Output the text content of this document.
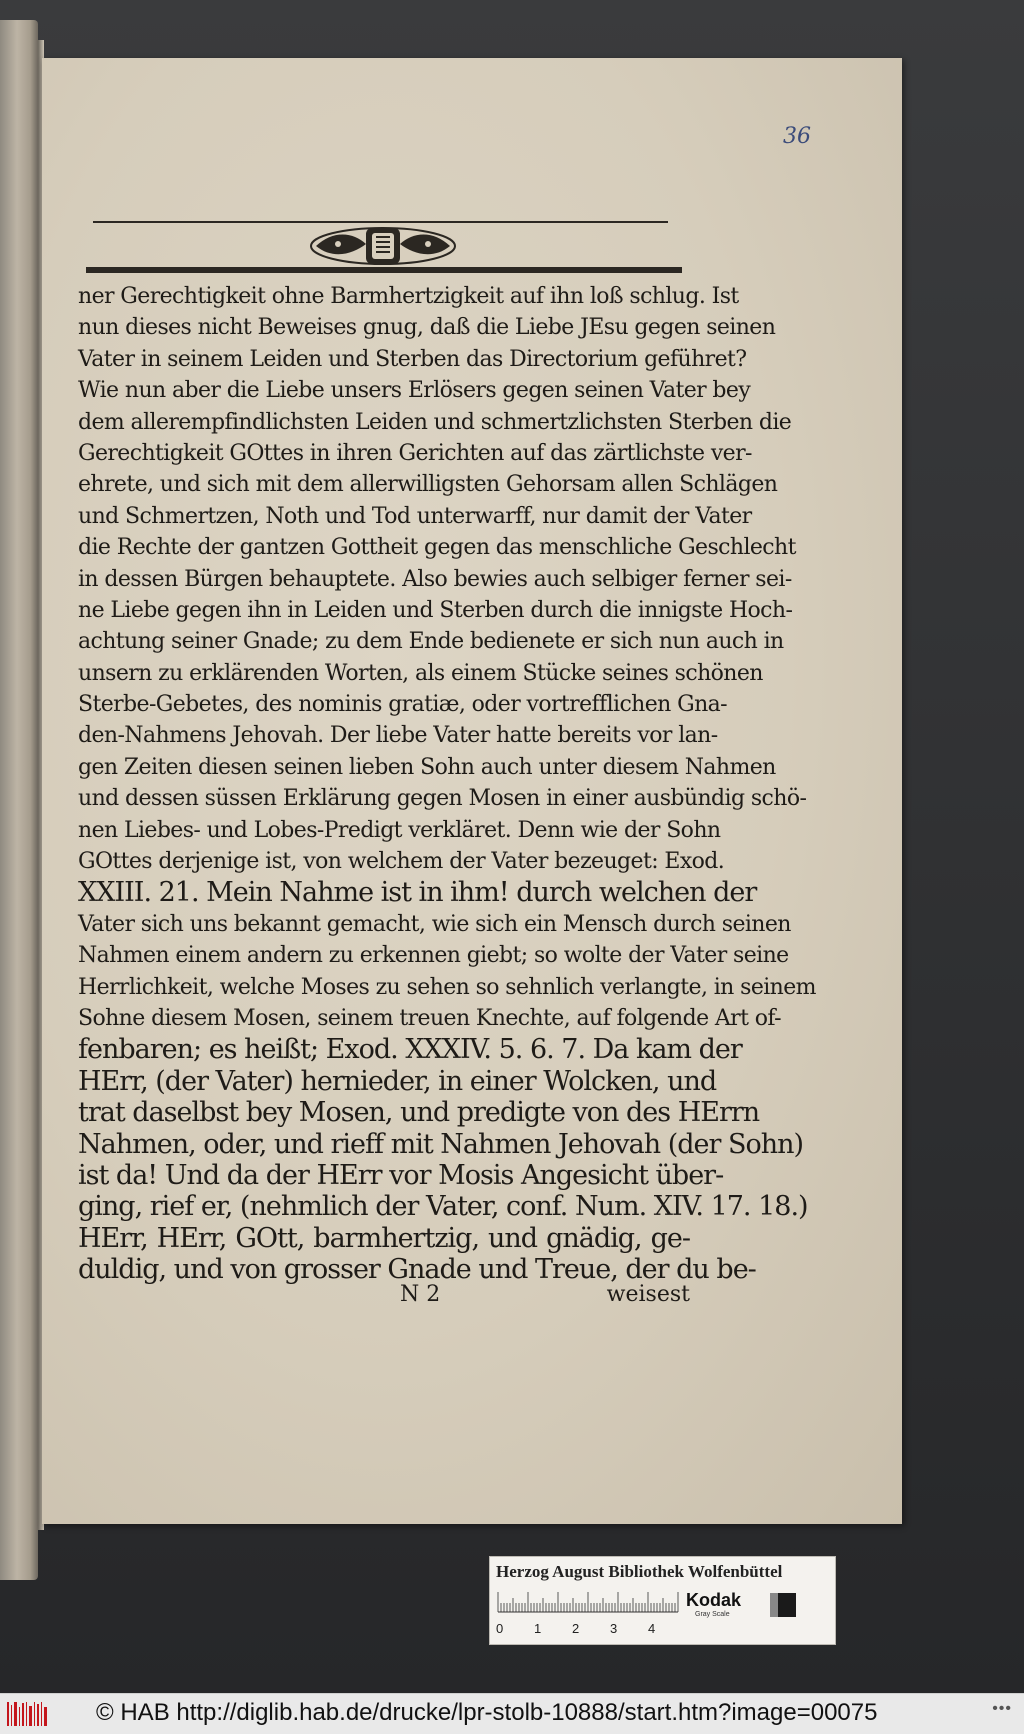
36
ner Gerechtigkeit ohne Barmhertzigkeit auf ihn loß schlug. Ist
nun dieses nicht Beweises gnug, daß die Liebe JEsu gegen seinen
Vater in seinem Leiden und Sterben das Directorium geführet?
Wie nun aber die Liebe unsers Erlösers gegen seinen Vater bey
dem allerempfindlichsten Leiden und schmertzlichsten Sterben die
Gerechtigkeit GOttes in ihren Gerichten auf das zärtlichste ver-
ehrete, und sich mit dem allerwilligsten Gehorsam allen Schlägen
und Schmertzen, Noth und Tod unterwarff, nur damit der Vater
die Rechte der gantzen Gottheit gegen das menschliche Geschlecht
in dessen Bürgen behauptete. Also bewies auch selbiger ferner sei-
ne Liebe gegen ihn in Leiden und Sterben durch die innigste Hoch-
achtung seiner Gnade; zu dem Ende bedienete er sich nun auch in
unsern zu erklärenden Worten, als einem Stücke seines schönen
Sterbe-Gebetes, des nominis gratiæ, oder vortrefflichen Gna-
den-Nahmens Jehovah. Der liebe Vater hatte bereits vor lan-
gen Zeiten diesen seinen lieben Sohn auch unter diesem Nahmen
und dessen süssen Erklärung gegen Mosen in einer ausbündig schö-
nen Liebes- und Lobes-Predigt verkläret. Denn wie der Sohn
GOttes derjenige ist, von welchem der Vater bezeuget: Exod.
XXIII. 21. Mein Nahme ist in ihm! durch welchen der
Vater sich uns bekannt gemacht, wie sich ein Mensch durch seinen
Nahmen einem andern zu erkennen giebt; so wolte der Vater seine
Herrlichkeit, welche Moses zu sehen so sehnlich verlangte, in seinem
Sohne diesem Mosen, seinem treuen Knechte, auf folgende Art of-
fenbaren; es heißt; Exod. XXXIV. 5. 6. 7. Da kam der
HErr, (der Vater) hernieder, in einer Wolcken, und
trat daselbst bey Mosen, und predigte von des HErrn
Nahmen, oder, und rieff mit Nahmen Jehovah (der Sohn)
ist da! Und da der HErr vor Mosis Angesicht über-
ging, rief er, (nehmlich der Vater, conf. Num. XIV. 17. 18.)
HErr, HErr, GOtt, barmhertzig, und gnädig, ge-
duldig, und von grosser Gnade und Treue, der du be-
N 2	weisest
Herzog August Bibliothek Wolfenbüttel
Kodak
Gray Scale
0 1 2 3 4
© HAB http://diglib.hab.de/drucke/lpr-stolb-10888/start.htm?image=00075	•••
